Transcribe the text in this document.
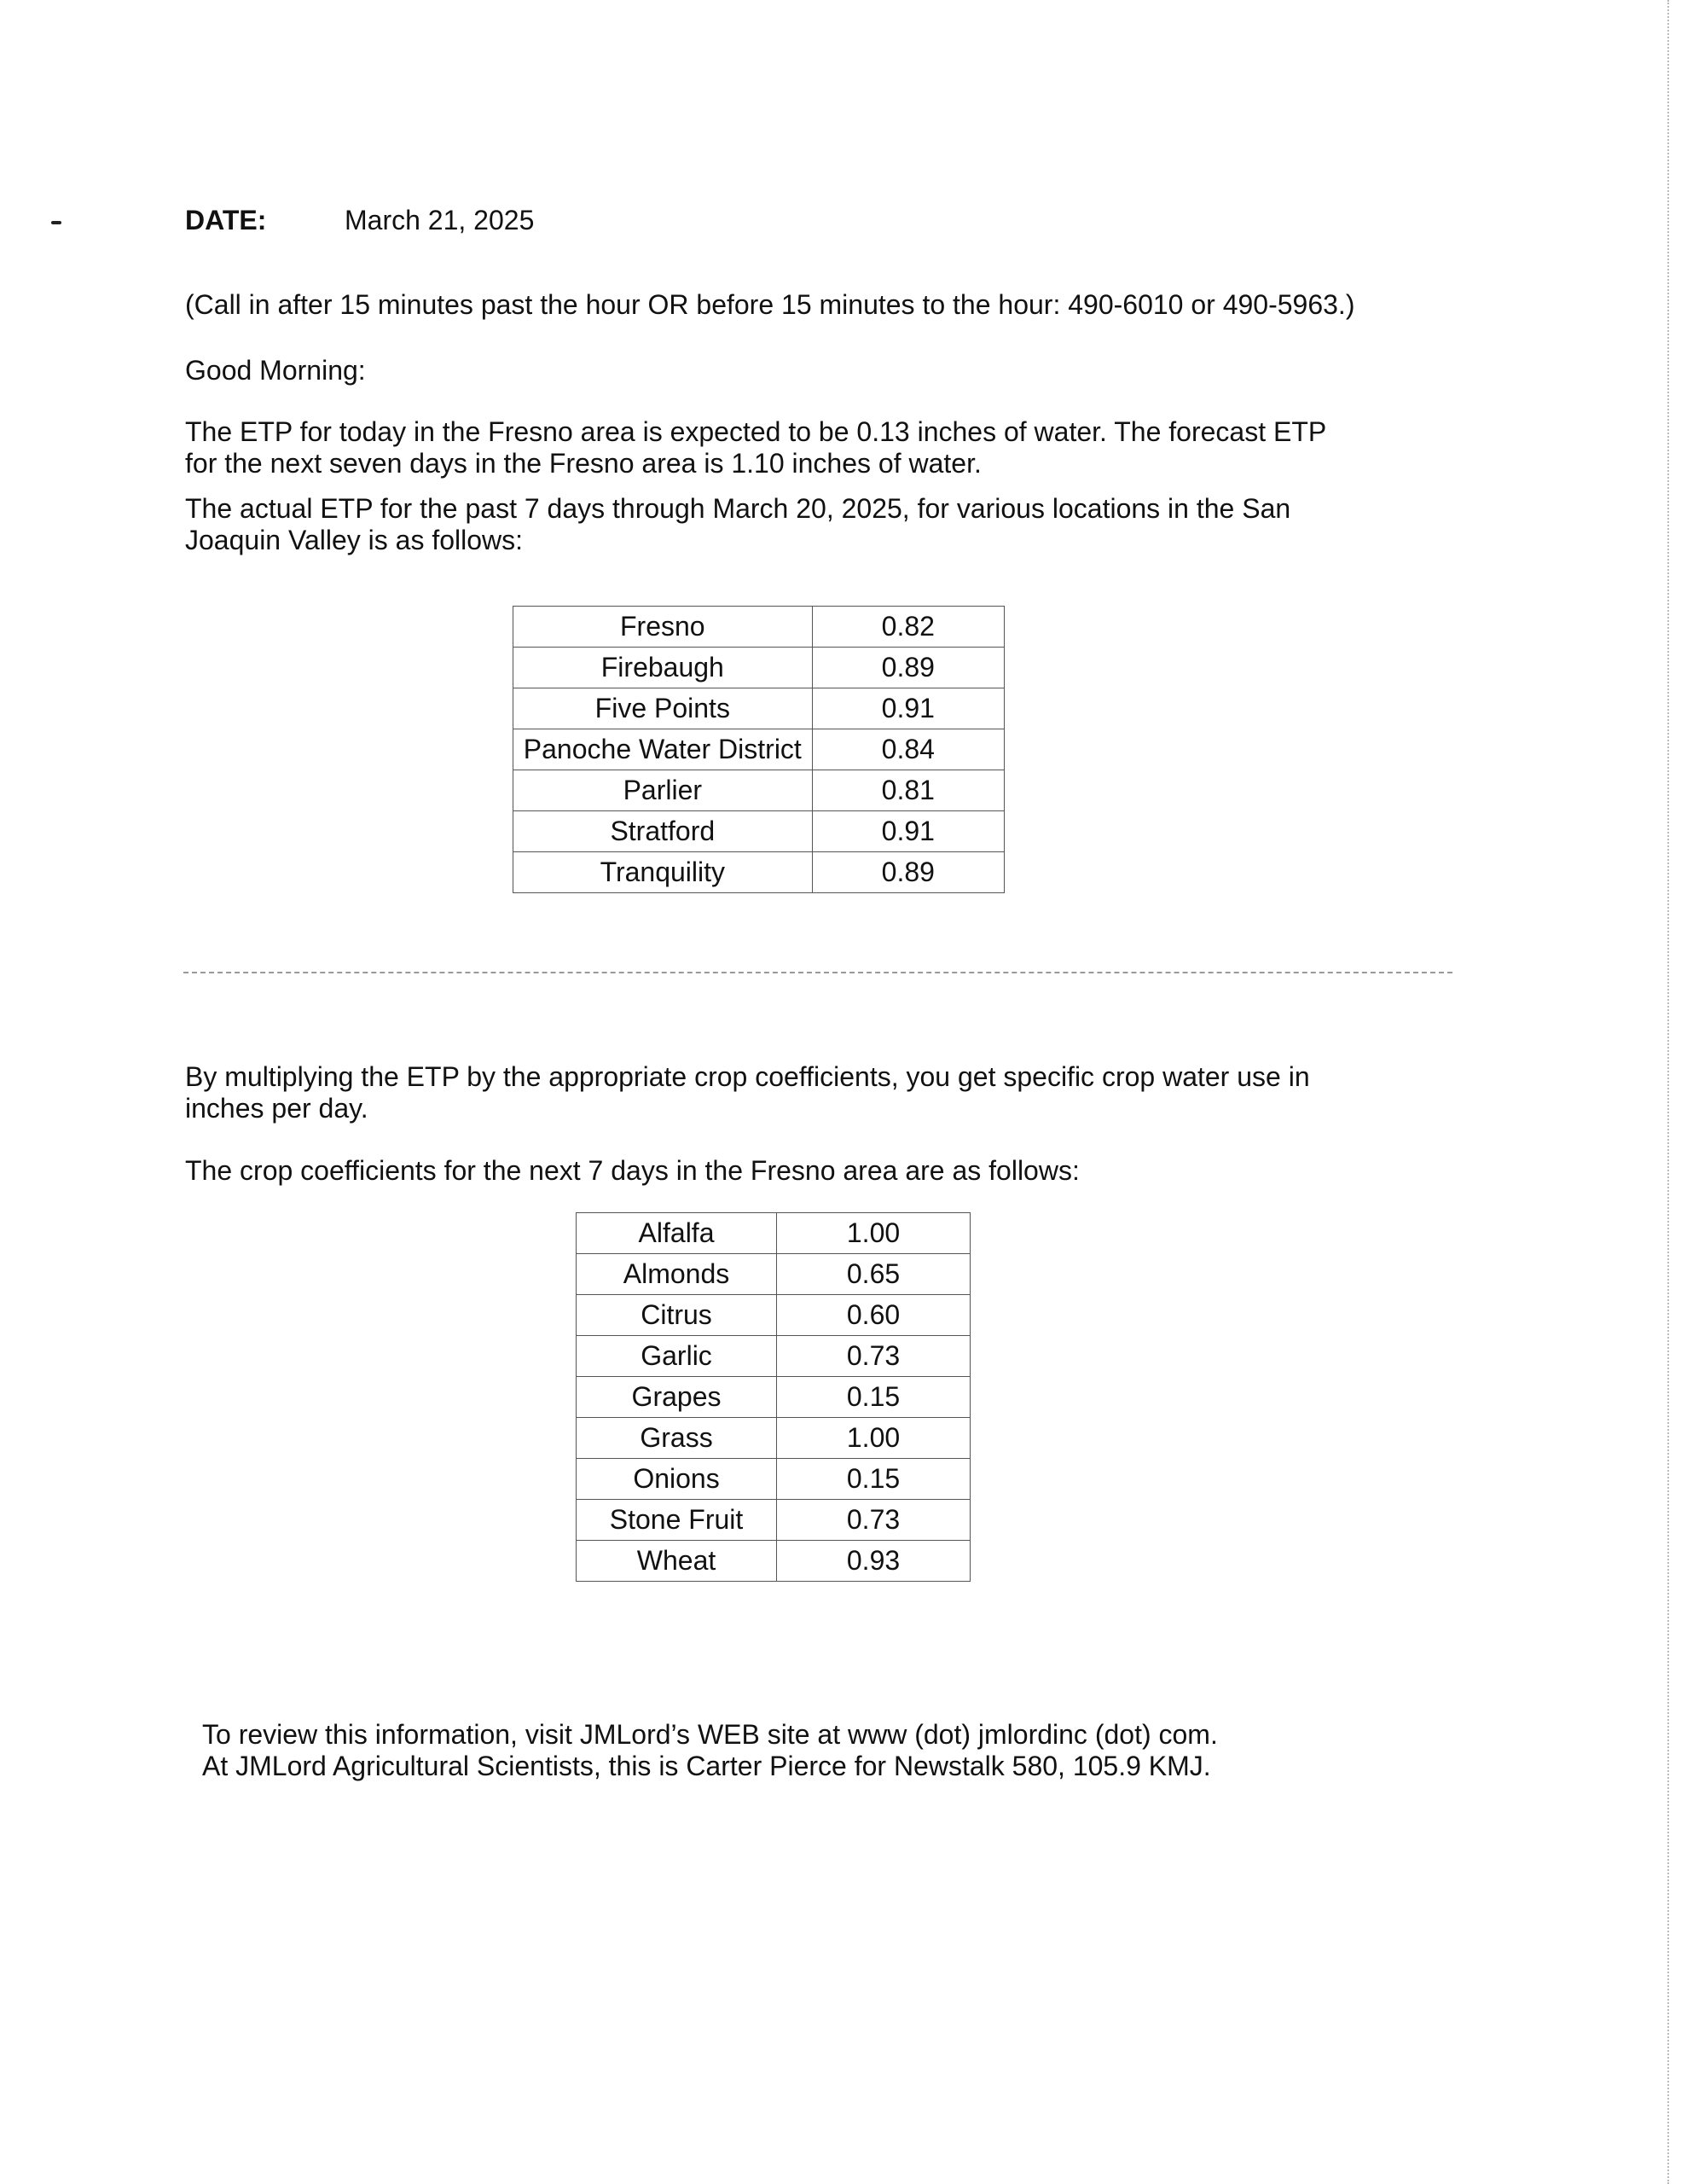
DATE:	March 21, 2025

(Call in after 15 minutes past the hour OR before 15 minutes to the hour: 490-6010 or 490-5963.)

Good Morning:

The ETP for today in the Fresno area is expected to be 0.13 inches of water. The forecast ETP

for the next seven days in the Fresno area is 1.10 inches of water.

The actual ETP for the past 7 days through March 20, 2025, for various locations in the San

Joaquin Valley is as follows:

Fresno	0.82
Firebaugh	0.89
Five Points	0.91
Panoche Water District	0.84
Parlier	0.81
Stratford	0.91
Tranquility	0.89

By multiplying the ETP by the appropriate crop coefficients, you get specific crop water use in

inches per day.

The crop coefficients for the next 7 days in the Fresno area are as follows:

Alfalfa	1.00
Almonds	0.65
Citrus	0.60
Garlic	0.73
Grapes	0.15
Grass	1.00
Onions	0.15
Stone Fruit	0.73
Wheat	0.93

To review this information, visit JMLord’s WEB site at www (dot) jmlordinc (dot) com.

At JMLord Agricultural Scientists, this is Carter Pierce for Newstalk 580, 105.9 KMJ.
